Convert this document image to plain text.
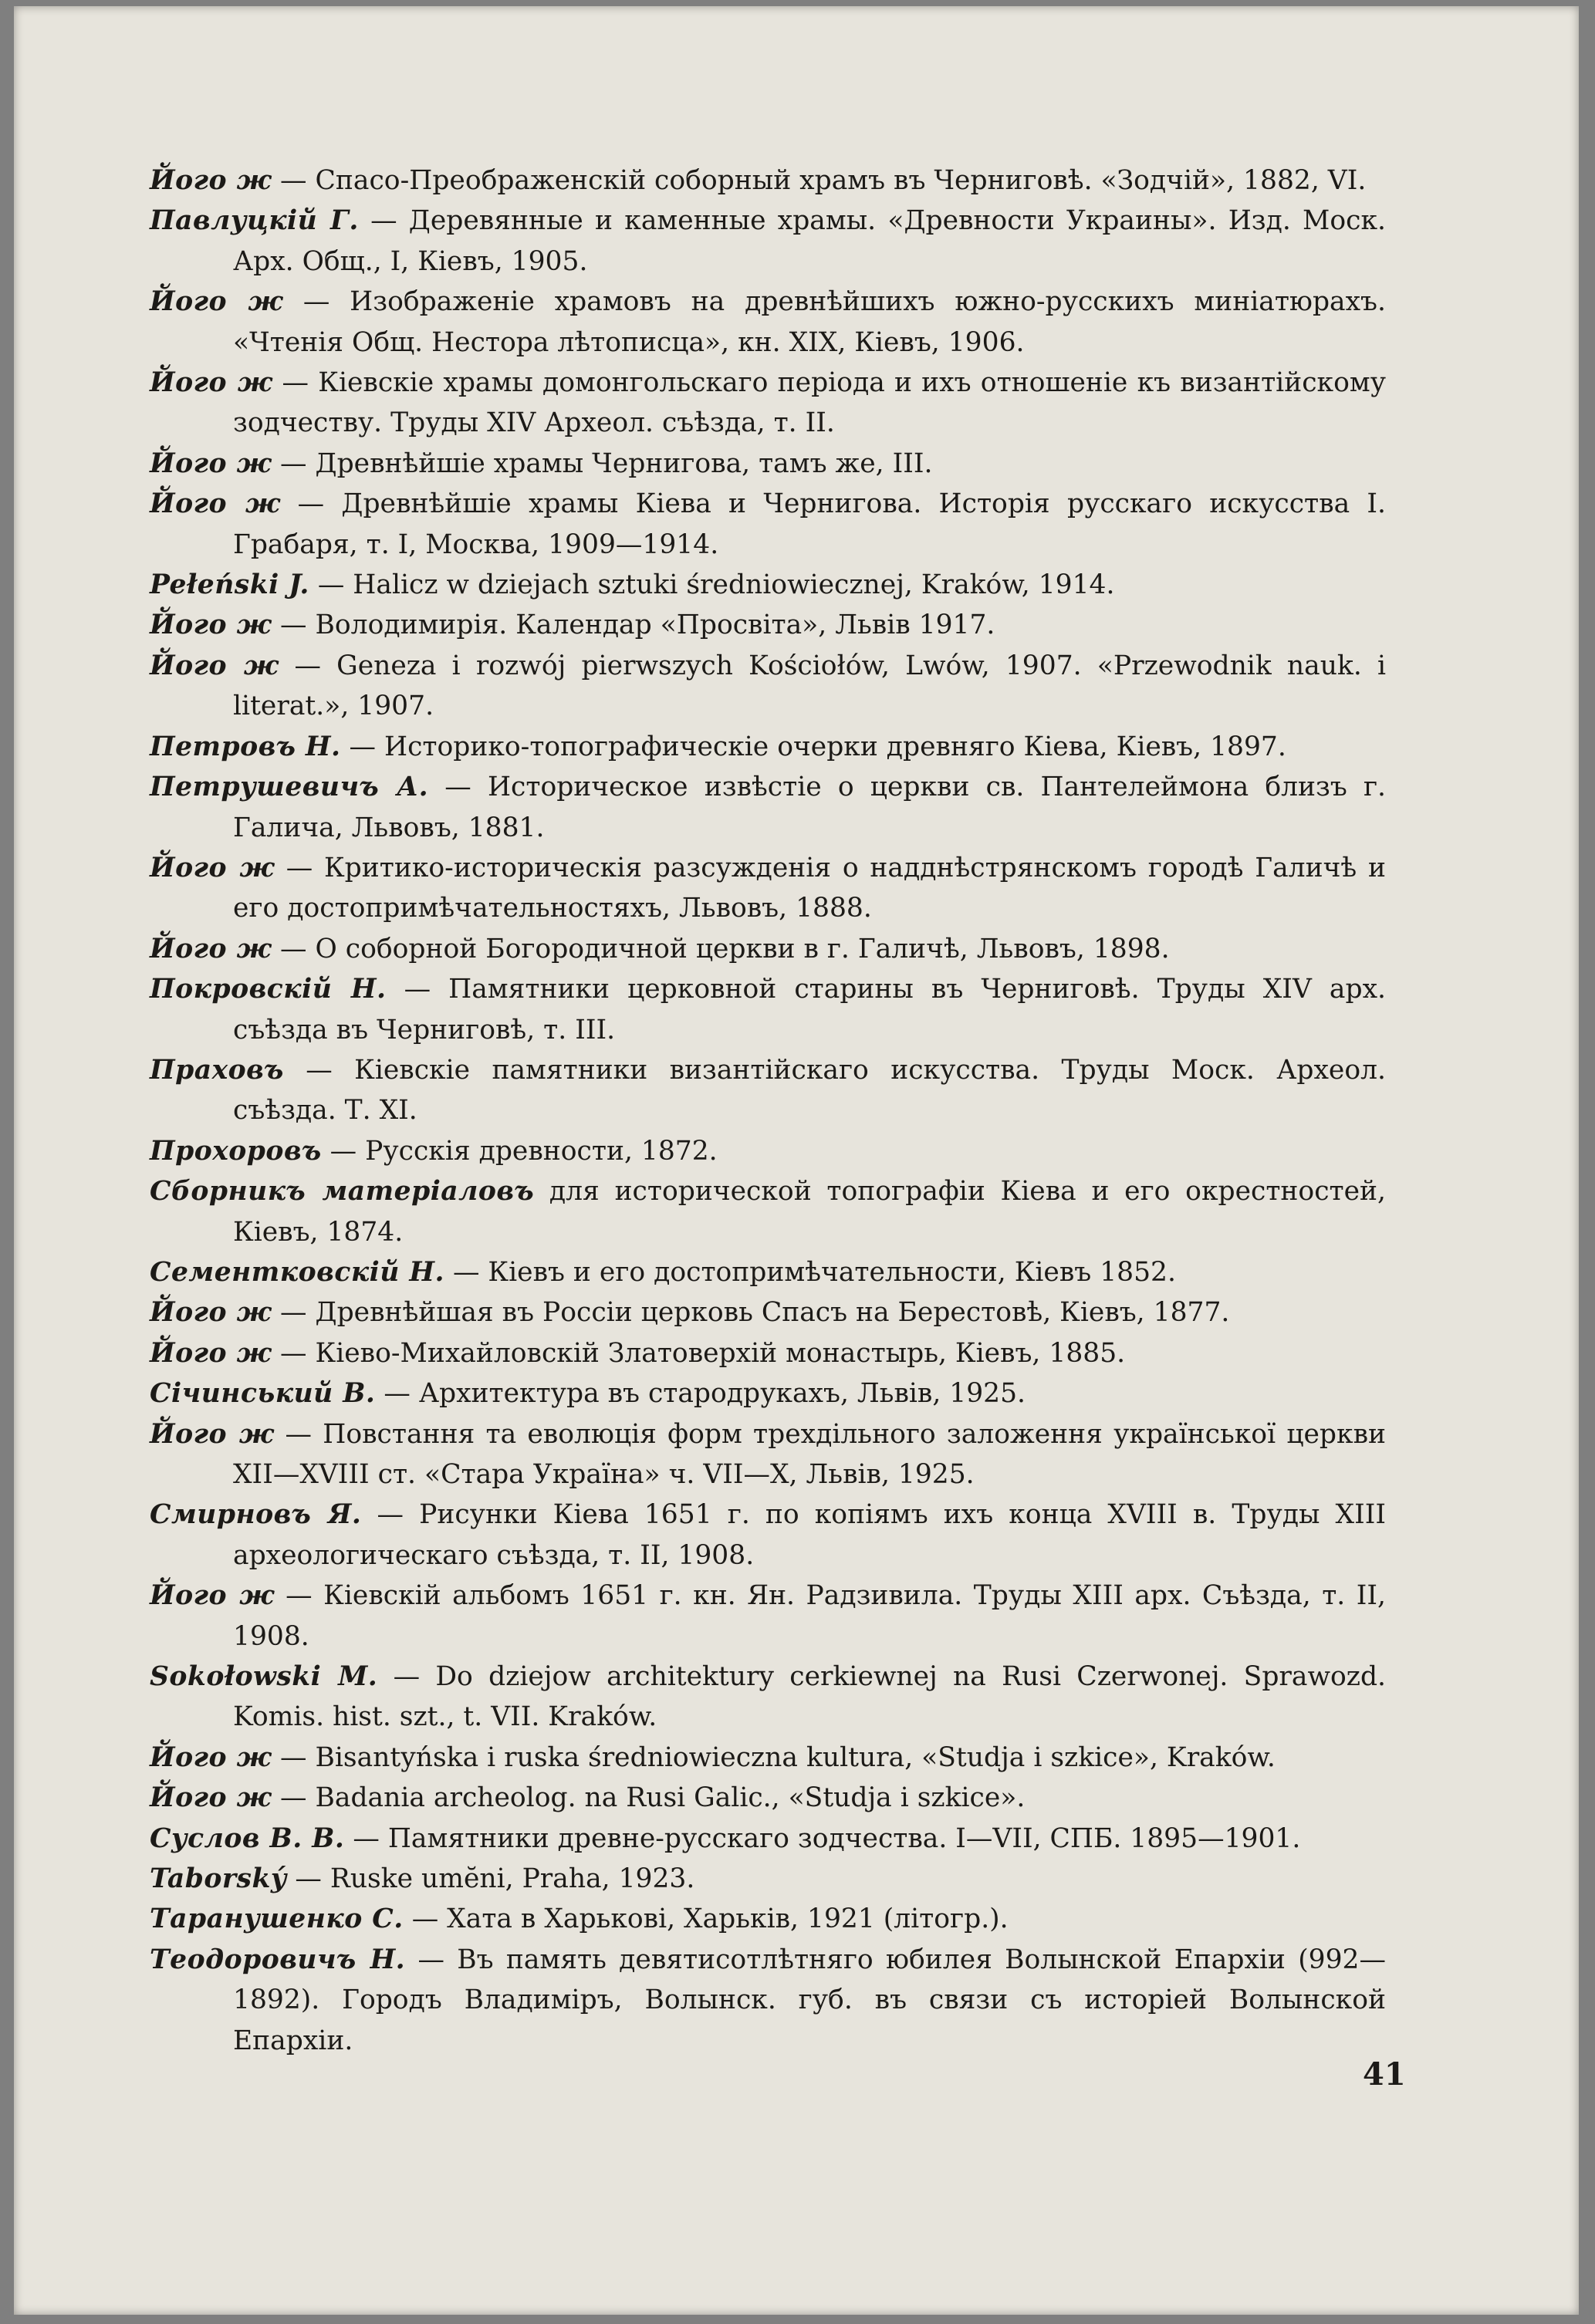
Його ж — Спасо-Преображенскій соборный храмъ въ Черниговѣ. «Зодчій», 1882, VI.

Павлуцкій Г. — Деревянные и каменные храмы. «Древности Украины». Изд. Моск. Арх. Общ., I, Кіевъ, 1905.

Його ж — Изображеніе храмовъ на древнѣйшихъ южно-русскихъ миніатюрахъ. «Чтенія Общ. Нестора лѣтописца», кн. XIX, Кіевъ, 1906.

Його ж — Кіевскіе храмы домонгольскаго періода и ихъ отношеніе къ византійскому зодчеству. Труды XIV Археол. съѣзда, т. II.

Його ж — Древнѣйшіе храмы Чернигова, тамъ же, III.

Його ж — Древнѣйшіе храмы Кіева и Чернигова. Исторія русскаго искусства I. Грабаря, т. I, Москва, 1909—1914.

Pełeński J. — Halicz w dziejach sztuki średniowiecznej, Kraków, 1914.

Його ж — Володимирія. Календар «Просвіта», Львів 1917.

Його ж — Geneza i rozwój pierwszych Kościołów, Lwów, 1907. «Przewodnik nauk. i literat.», 1907.

Петровъ Н. — Историко-топографическіе очерки древняго Кіева, Кіевъ, 1897.

Петрушевичъ А. — Историческое извѣстіе о церкви св. Пантелеймона близъ г. Галича, Львовъ, 1881.

Його ж — Критико-историческія разсужденія о надднѣстрянскомъ городѣ Галичѣ и его достопримѣчательностяхъ, Львовъ, 1888.

Його ж — О соборной Богородичной церкви в г. Галичѣ, Львовъ, 1898.

Покровскій Н. — Памятники церковной старины въ Черниговѣ. Труды XIV арх. съѣзда въ Черниговѣ, т. III.

Праховъ — Кіевскіе памятники византійскаго искусства. Труды Моск. Археол. съѣзда. Т. XI.

Прохоровъ — Русскія древности, 1872.

Сборникъ матеріаловъ для исторической топографіи Кіева и его окрестностей, Кіевъ, 1874.

Сементковскій Н. — Кіевъ и его достопримѣчательности, Кіевъ 1852.

Його ж — Древнѣйшая въ Россіи церковь Спасъ на Берестовѣ, Кіевъ, 1877.

Його ж — Кіево-Михайловскій Златоверхій монастырь, Кіевъ, 1885.

Січинський В. — Архитектура въ стародрукахъ, Львів, 1925.

Його ж — Повстання та еволюція форм трехдільного заложення української церкви XII—XVIII ст. «Стара Україна» ч. VII—X, Львів, 1925.

Смирновъ Я. — Рисунки Кіева 1651 г. по копіямъ ихъ конца XVIII в. Труды XIII археологическаго съѣзда, т. II, 1908.

Його ж — Кіевскій альбомъ 1651 г. кн. Ян. Радзивила. Труды XIII арх. Съѣзда, т. II, 1908.

Sokołowski M. — Do dziejow architektury cerkiewnej na Rusi Czerwonej. Sprawozd. Komis. hist. szt., t. VII. Kraków.

Його ж — Bisantyńska i ruska średniowieczna kultura, «Studja i szkice», Kraków.

Його ж — Badania archeolog. na Rusi Galic., «Studja i szkice».

Суслов В. В. — Памятники древне-русскаго зодчества. I—VII, СПБ. 1895—1901.

Taborský — Ruske umĕni, Praha, 1923.

Таранушенко С. — Хата в Харькові, Харьків, 1921 (літогр.).

Теодоровичъ Н. — Въ память девятисотлѣтняго юбилея Волынской Епархіи (992—1892). Городъ Владиміръ, Волынск. губ. въ связи съ исторіей Волынской Епархіи.

41
